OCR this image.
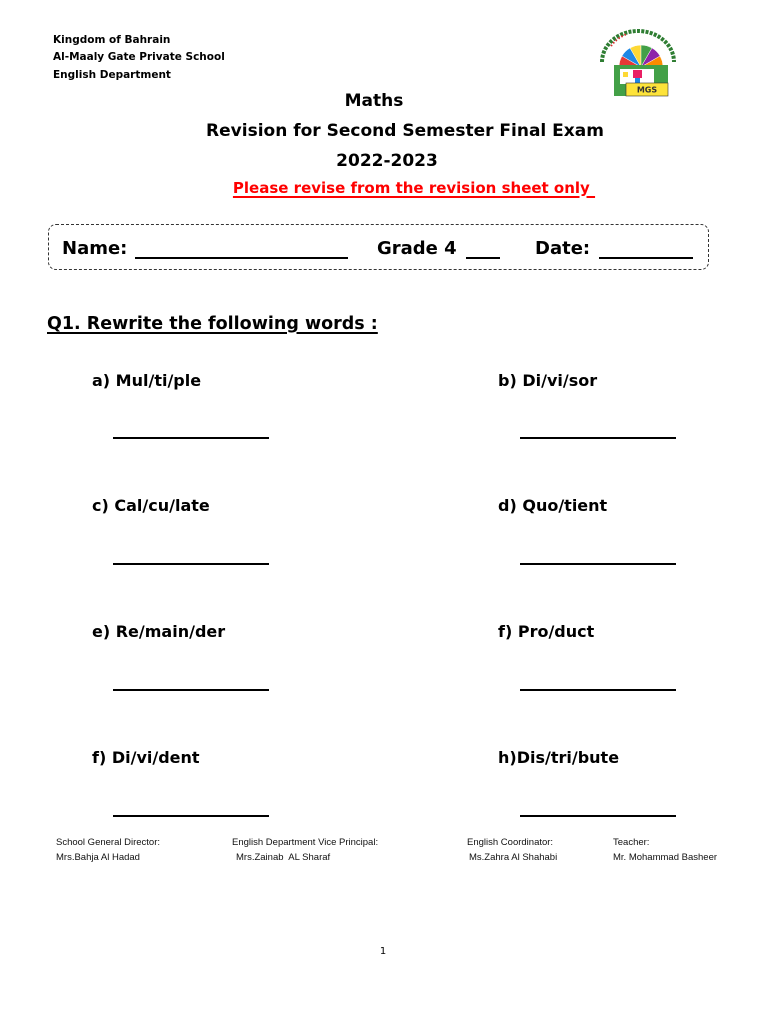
Kingdom of Bahrain
Al-Maaly Gate Private School
English Department
MGS
Maths
Revision for Second Semester Final Exam
2022-2023
Please revise from the revision sheet only
Name:	Grade 4	Date:
Q1. Rewrite the following words :
a) Mul/ti/ple	b) Di/vi/sor
c) Cal/cu/late	d) Quo/tient
e) Re/main/der	f) Pro/duct
f) Di/vi/dent	h)Dis/tri/bute
School General Director:
Mrs.Bahja Al Hadad
English Department Vice Principal:
Mrs.Zainab  AL Sharaf
English Coordinator:
Ms.Zahra Al Shahabi
Teacher:
Mr. Mohammad Basheer
1
